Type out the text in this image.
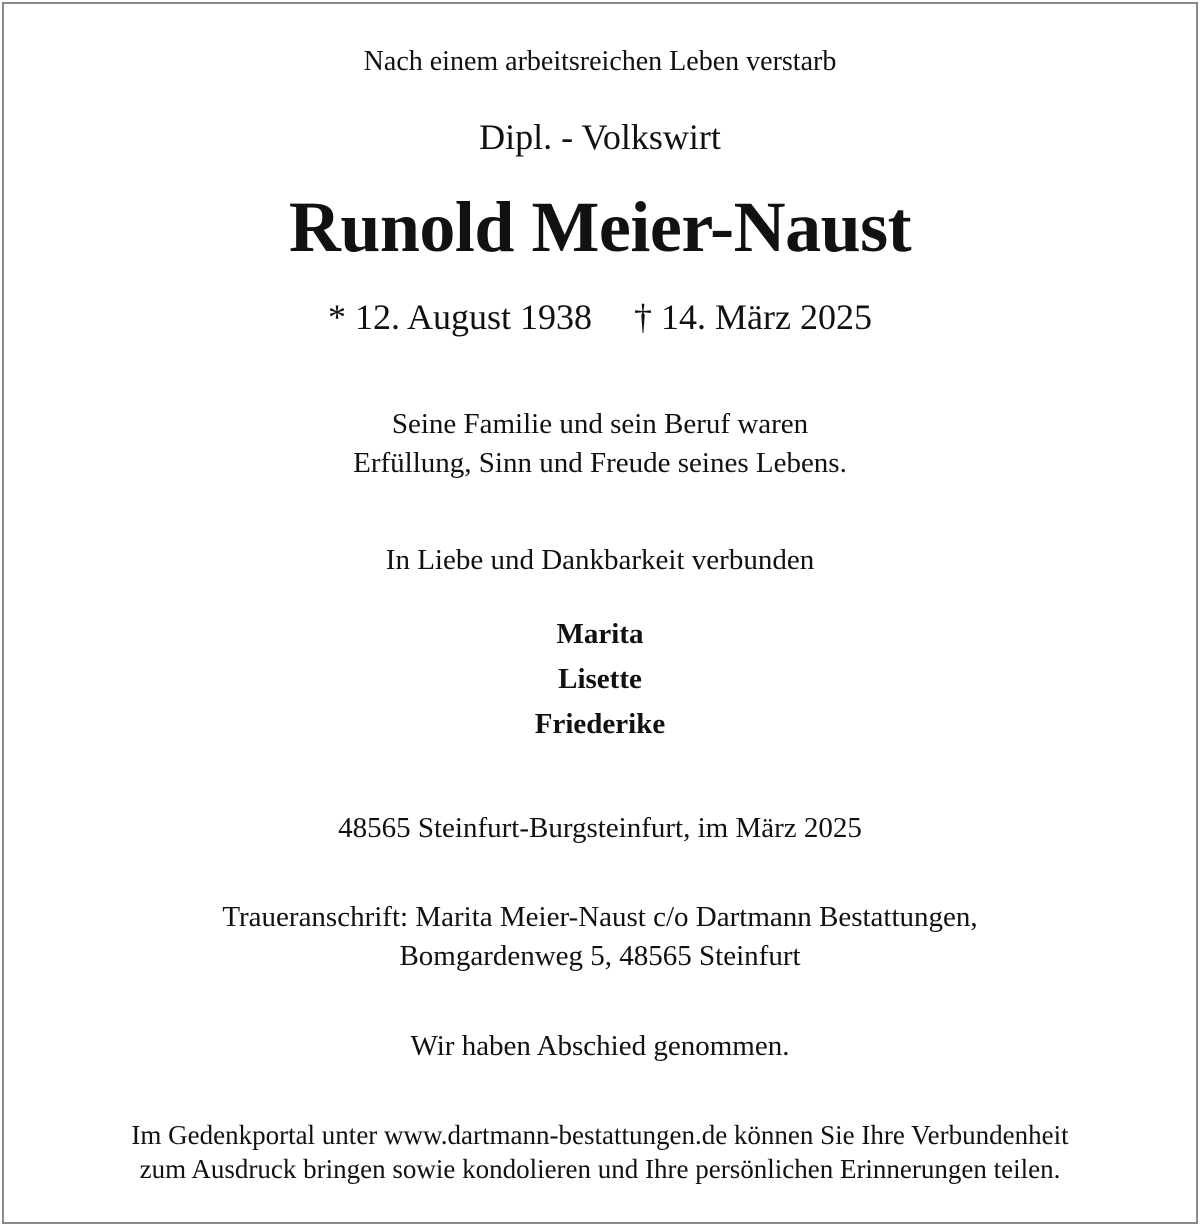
Nach einem arbeitsreichen Leben verstarb
Dipl. - Volkswirt
Runold Meier-Naust
* 12. August 1938 † 14. März 2025
Seine Familie und sein Beruf waren
Erfüllung, Sinn und Freude seines Lebens.
In Liebe und Dankbarkeit verbunden
Marita
Lisette
Friederike
48565 Steinfurt-Burgsteinfurt, im März 2025
Traueranschrift: Marita Meier-Naust c/o Dartmann Bestattungen,
Bomgardenweg 5, 48565 Steinfurt
Wir haben Abschied genommen.
Im Gedenkportal unter www.dartmann-bestattungen.de können Sie Ihre Verbundenheit
zum Ausdruck bringen sowie kondolieren und Ihre persönlichen Erinnerungen teilen.
